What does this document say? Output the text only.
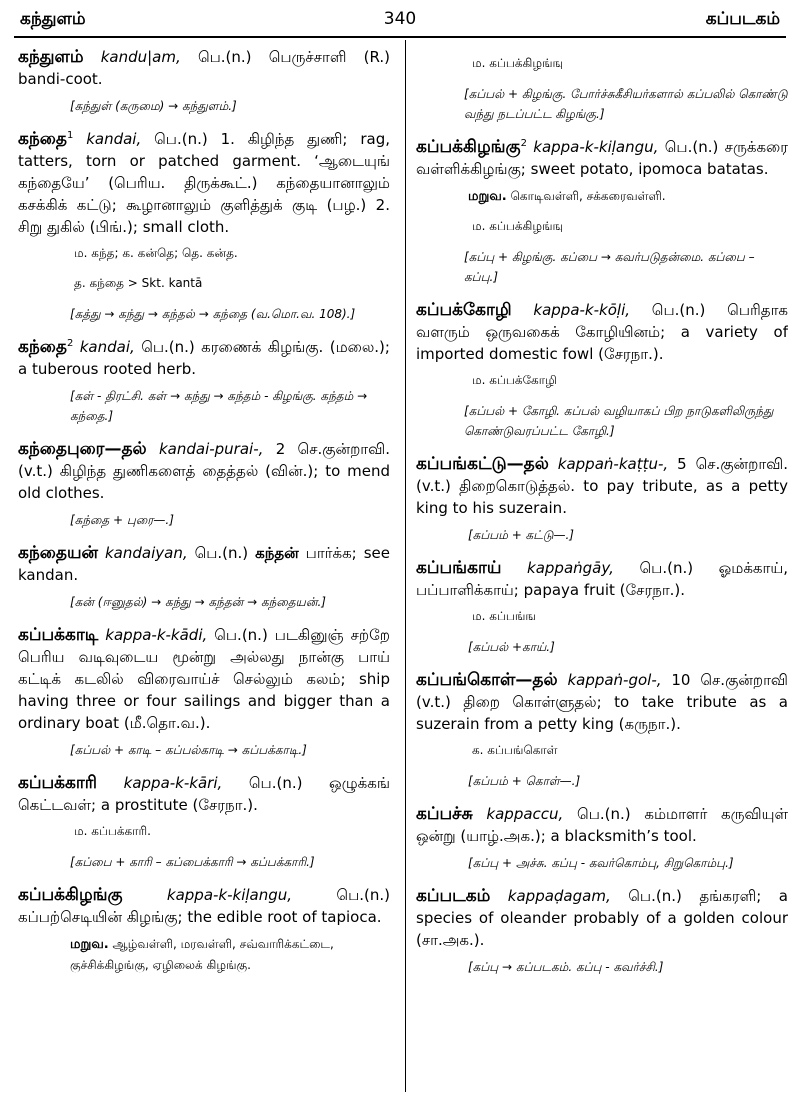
கந்துளம்	340	கப்படகம்
கந்துளம் kandu|am, பெ.(n.) பெருச்சாளி (R.) bandi-coot.
[கந்துள் (கருமை) → கந்துளம்.]
கந்தை$^1$ kandai, பெ.(n.) 1. கிழிந்த துணி; rag, tatters, torn or patched garment. ‘ஆடையுங் கந்தையே’ (பெரிய. திருக்கூட்.) கந்தையானாலும் கசக்கிக் கட்டு; கூழானாலும் குளித்துக் குடி (பழ.) 2. சிறு துகில் (பிங்.); small cloth.
ம. கந்த; க. கன்தெ; தெ. கன்த.
த. கந்தை > Skt. kantā
[கத்து → கந்து → கந்தல் → கந்தை (வ.மொ.வ. 108).]
கந்தை$^2$ kandai, பெ.(n.) கரணைக் கிழங்கு. (மலை.); a tuberous rooted herb.
[கள் - திரட்சி. கள் → கந்து → கந்தம் - கிழங்கு. கந்தம் → கந்தை.]
கந்தைபுரை—தல் kandai-purai-, 2 செ.குன்றாவி.(v.t.) கிழிந்த துணிகளைத் தைத்தல் (வின்.); to mend old clothes.
[கந்தை + புரை—.]
கந்தையன் kandaiyan, பெ.(n.) கந்தன் பார்க்க; see kandan.
[கன் (ஈனுதல்) → கந்து → கந்தன் → கந்தையன்.]
கப்பக்காடி kappa-k-kādi, பெ.(n.) படகினுஞ் சற்றே பெரிய வடிவுடைய மூன்று அல்லது நான்கு பாய் கட்டிக் கடலில் விரைவாய்ச் செல்லும் கலம்; ship having three or four sailings and bigger than a ordinary boat (மீ.தொ.வ.).
[கப்பல் + காடி – கப்பல்காடி → கப்பக்காடி.]
கப்பக்காரி kappa-k-kāri, பெ.(n.) ஒழுக்கங் கெட்டவள்; a prostitute (சேரநா.).
ம. கப்பக்காரி.
[கப்பை + காரி – கப்பைக்காரி → கப்பக்காரி.]
கப்பக்கிழங்கு	kappa-k-kiḷangu,	பெ.(n.) கப்பற்செடியின் கிழங்கு; the edible root of tapioca.
மறுவ. ஆழ்வள்ளி, மரவள்ளி, சவ்வாரிக்கட்டை, குச்சிக்கிழங்கு, ஏழிலைக் கிழங்கு.
ம. கப்பக்கிழங்ஙு
[கப்பல் + கிழங்கு. போர்ச்சுகீசியர்களால் கப்பலில் கொண்டு வந்து நடப்பட்ட கிழங்கு.]
கப்பக்கிழங்கு$^2$ kappa-k-kiḷangu, பெ.(n.) சருக்கரை வள்ளிக்கிழங்கு; sweet potato, ipomoca batatas.
மறுவ. கொடிவள்ளி, சக்கரைவள்ளி.
ம. கப்பக்கிழங்ஙு
[கப்பு + கிழங்கு. கப்பை → கவர்படுதன்மை. கப்பை – கப்பு.]
கப்பக்கோழி kappa-k-kōḷi, பெ.(n.) பெரிதாக வளரும் ஒருவகைக் கோழியினம்; a variety of imported domestic fowl (சேரநா.).
ம. கப்பக்கோழி
[கப்பல் + கோழி. கப்பல் வழியாகப் பிற நாடுகளிலிருந்து கொண்டுவரப்பட்ட கோழி.]
கப்பங்கட்டு—தல் kappaṅ-kaṭṭu-, 5 செ.குன்றாவி. (v.t.) திறைகொடுத்தல். to pay tribute, as a petty king to his suzerain.
[கப்பம் + கட்டு—.]
கப்பங்காய் kappaṅgāy, பெ.(n.) ஓமக்காய், பப்பாளிக்காய்; papaya fruit (சேரநா.).
ம. கப்பங்ங
[கப்பல் +காய்.]
கப்பங்கொள்—தல் kappaṅ-gol-, 10 செ.குன்றாவி (v.t.) திறை கொள்ளுதல்; to take tribute as a suzerain from a petty king (கருநா.).
க. கப்பங்கொள்
[கப்பம் + கொள்—.]
கப்பச்சு kappaccu, பெ.(n.) கம்மாளர் கருவியுள் ஒன்று (யாழ்.அக.); a blacksmith’s tool.
[கப்பு + அச்சு. கப்பு - கவர்கொம்பு, சிறுகொம்பு.]
கப்படகம் kappaḍagam, பெ.(n.) தங்கரளி; a species of oleander probably of a golden colour (சா.அக.).
[கப்பு → கப்படகம். கப்பு - கவர்ச்சி.]
